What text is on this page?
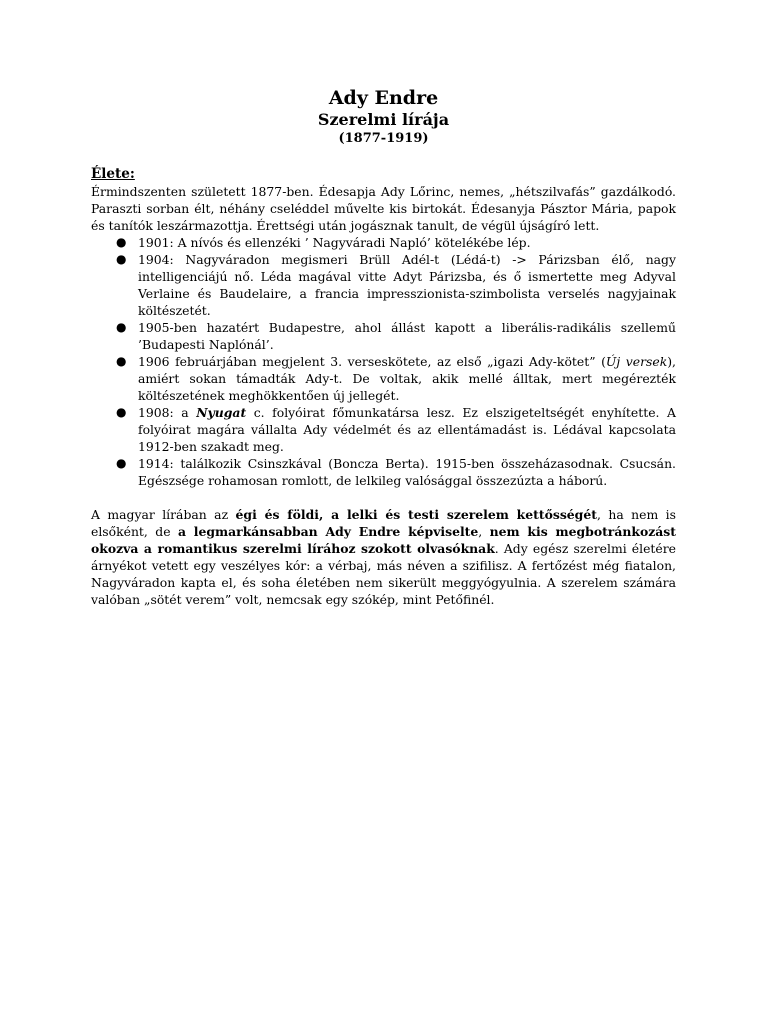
Ady Endre
Szerelmi lírája
(1877-1919)
Élete:

Érmindszenten született 1877-ben. Édesapja Ady Lőrinc, nemes, „hétszilvafás” gazdálkodó. Paraszti sorban élt, néhány cseléddel művelte kis birtokát. Édesanyja Pásztor Mária, papok és tanítók leszármazottja. Érettségi után jogásznak tanult, de végül újságíró lett.

● 1901: A nívós és ellenzéki ’ Nagyváradi Napló’ kötelékébe lép.
● 1904: Nagyváradon megismeri Brüll Adél-t (Lédá-t) -> Párizsban élő, nagy intelligenciájú nő. Léda magával vitte Adyt Párizsba, és ő ismertette meg Adyval Verlaine és Baudelaire, a francia impresszionista-szimbolista verselés nagyjainak költészetét.
● 1905-ben hazatért Budapestre, ahol állást kapott a liberális-radikális szellemű ’Budapesti Naplónál’.
● 1906 februárjában megjelent 3. verseskötete, az első „igazi Ady-kötet” (Új versek), amiért sokan támadták Ady-t. De voltak, akik mellé álltak, mert megérezték költészetének meghökkentően új jellegét.
● 1908: a Nyugat c. folyóirat főmunkatársa lesz. Ez elszigeteltségét enyhítette. A folyóirat magára vállalta Ady védelmét és az ellentámadást is. Lédával kapcsolata 1912-ben szakadt meg.
● 1914: találkozik Csinszkával (Boncza Berta). 1915-ben összeházasodnak. Csucsán. Egészsége rohamosan romlott, de lelkileg valósággal összezúzta a háború.

A magyar lírában az égi és földi, a lelki és testi szerelem kettősségét, ha nem is elsőként, de a legmarkánsabban Ady Endre képviselte, nem kis megbotránkozást okozva a romantikus szerelmi lírához szokott olvasóknak. Ady egész szerelmi életére árnyékot vetett egy veszélyes kór: a vérbaj, más néven a szifilisz. A fertőzést még fiatalon, Nagyváradon kapta el, és soha életében nem sikerült meggyógyulnia. A szerelem számára valóban „sötét verem” volt, nemcsak egy szókép, mint Petőfinél.
